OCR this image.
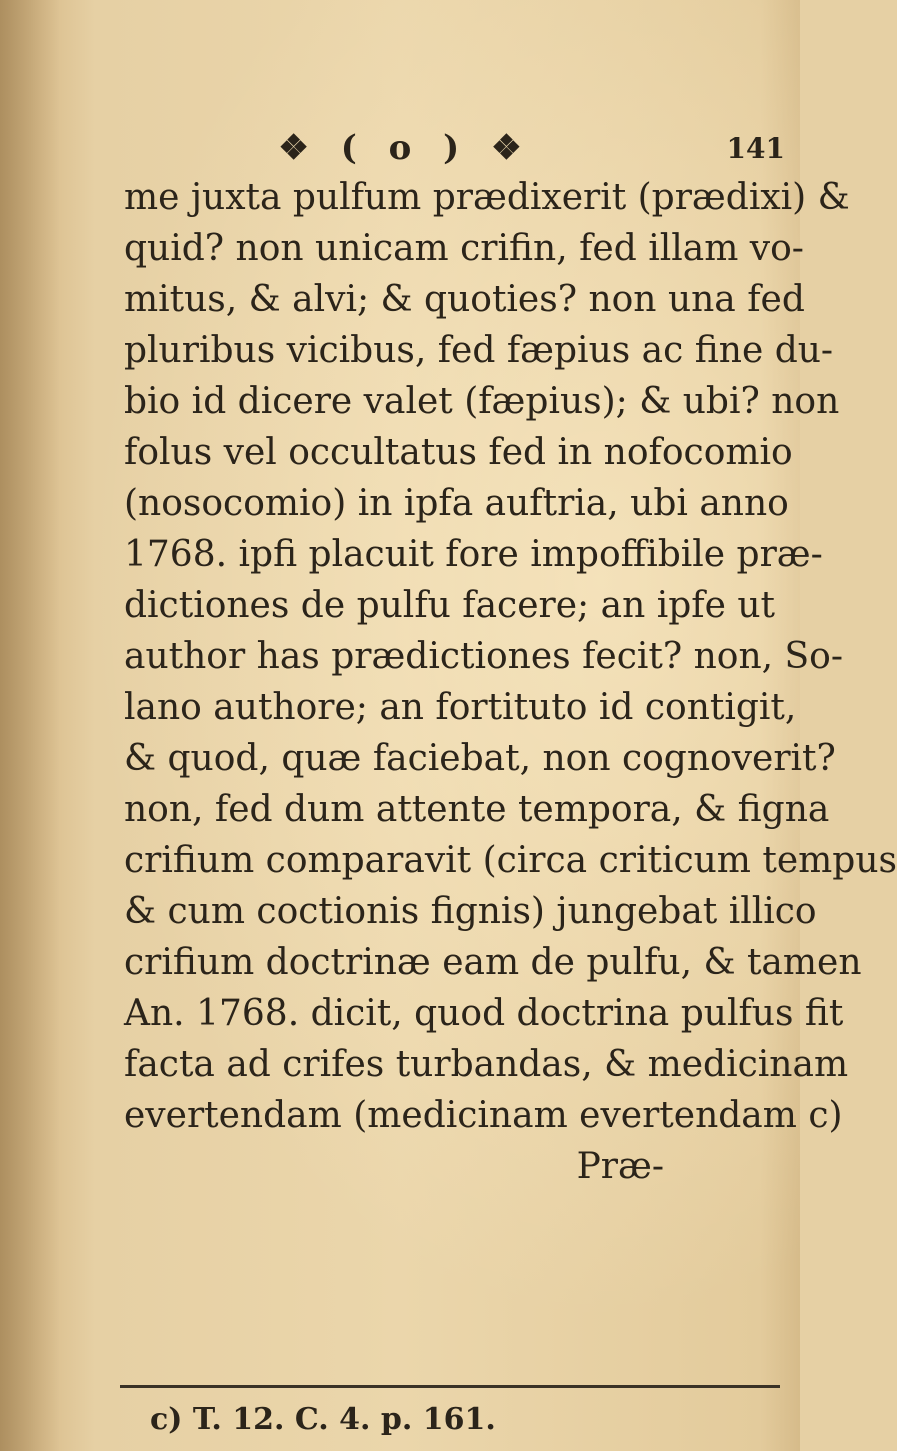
❖ ( o ) ❖	141
me juxta pulfum prædixerit (prædixi) &
quid? non unicam crifin, fed illam vo-
mitus, & alvi; & quoties? non una fed
pluribus vicibus, fed fæpius ac fine du-
bio id dicere valet (fæpius); & ubi? non
folus vel occultatus fed in nofocomio
(nosocomio) in ipfa auftria, ubi anno
1768. ipfi placuit fore impoffibile præ-
dictiones de pulfu facere; an ipfe ut
author has prædictiones fecit? non, So-
lano authore; an fortituto id contigit,
& quod, quæ faciebat, non cognoverit?
non, fed dum attente tempora, & figna
crifium comparavit (circa criticum tempus
& cum coctionis fignis) jungebat illico
crifium doctrinæ eam de pulfu, & tamen
An. 1768. dicit, quod doctrina pulfus fit
facta ad crifes turbandas, & medicinam
evertendam (medicinam evertendam c)
Præ-
c) T. 12. C. 4. p. 161.
